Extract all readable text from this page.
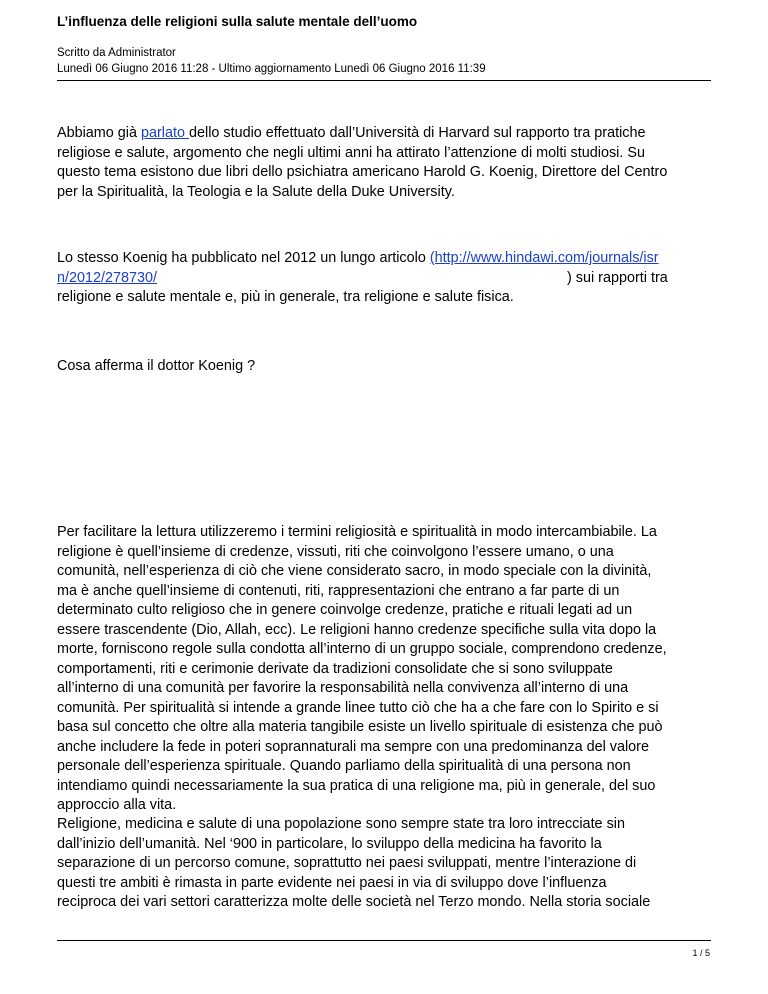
L’influenza delle religioni sulla salute mentale dell’uomo
Scritto da Administrator
Lunedì 06 Giugno 2016 11:28 - Ultimo aggiornamento Lunedì 06 Giugno 2016 11:39

Abbiamo già parlato dello studio effettuato dall’Università di Harvard sul rapporto tra pratiche
religiose e salute, argomento che negli ultimi anni ha attirato l’attenzione di molti studiosi. Su
questo tema esistono due libri dello psichiatra americano Harold G. Koenig, Direttore del Centro
per la Spiritualità, la Teologia e la Salute della Duke University.

Lo stesso Koenig ha pubblicato nel 2012 un lungo articolo (http://www.hindawi.com/journals/isr
n/2012/278730/	) sui rapporti tra

religione e salute mentale e, più in generale, tra religione e salute fisica.

Cosa afferma il dottor Koenig ?

Per facilitare la lettura utilizzeremo i termini religiosità e spiritualità in modo intercambiabile. La
religione è quell’insieme di credenze, vissuti, riti che coinvolgono l’essere umano, o una
comunità, nell’esperienza di ciò che viene considerato sacro, in modo speciale con la divinità,
ma è anche quell’insieme di contenuti, riti, rappresentazioni che entrano a far parte di un
determinato culto religioso che in genere coinvolge credenze, pratiche e rituali legati ad un
essere trascendente (Dio, Allah, ecc). Le religioni hanno credenze specifiche sulla vita dopo la
morte, forniscono regole sulla condotta all’interno di un gruppo sociale, comprendono credenze,
comportamenti, riti e cerimonie derivate da tradizioni consolidate che si sono sviluppate
all’interno di una comunità per favorire la responsabilità nella convivenza all’interno di una
comunità. Per spiritualità si intende a grande linee tutto ciò che ha a che fare con lo Spirito e si
basa sul concetto che oltre alla materia tangibile esiste un livello spirituale di esistenza che può
anche includere la fede in poteri soprannaturali ma sempre con una predominanza del valore
personale dell’esperienza spirituale. Quando parliamo della spiritualità di una persona non
intendiamo quindi necessariamente la sua pratica di una religione ma, più in generale, del suo
approccio alla vita.

Religione, medicina e salute di una popolazione sono sempre state tra loro intrecciate sin
dall’inizio dell’umanità. Nel ‘900 in particolare, lo sviluppo della medicina ha favorito la
separazione di un percorso comune, soprattutto nei paesi sviluppati, mentre l’interazione di
questi tre ambiti è rimasta in parte evidente nei paesi in via di sviluppo dove l’influenza
reciproca dei vari settori caratterizza molte delle società nel Terzo mondo. Nella storia sociale

1 / 5
